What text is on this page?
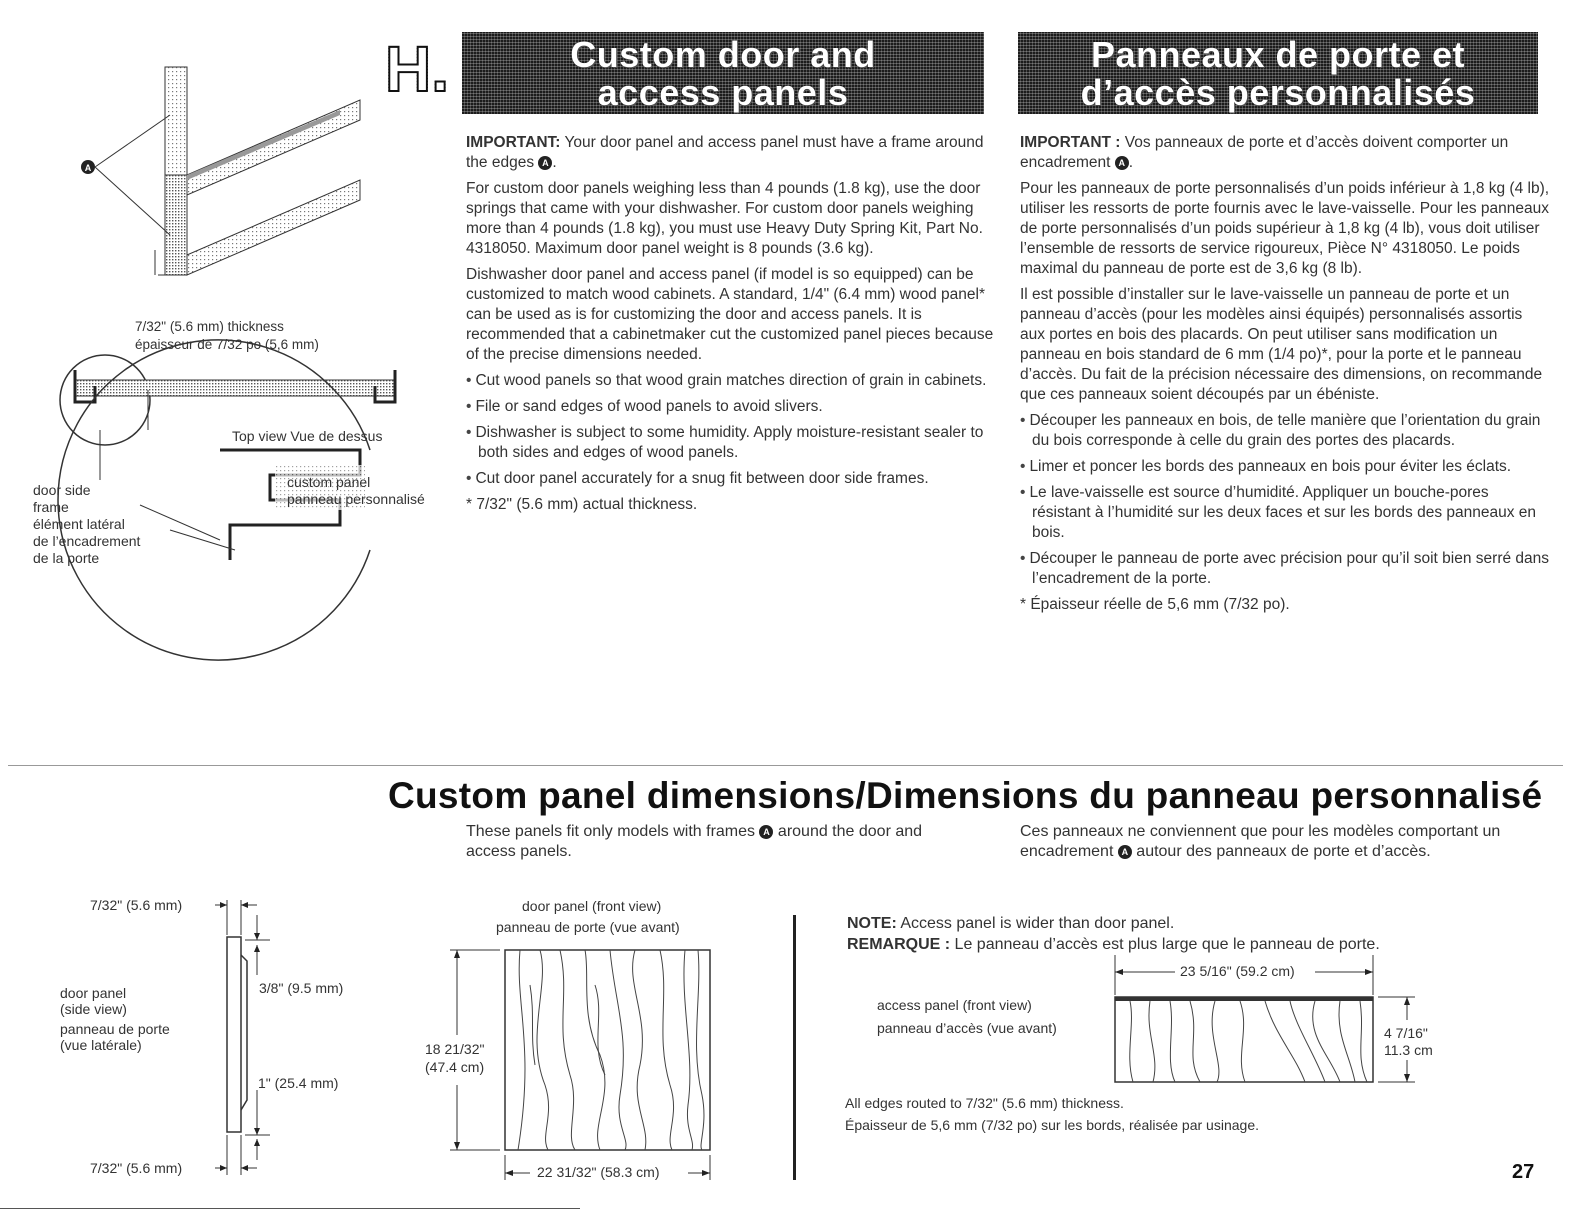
A
7/32" (5.6 mm) thickness
épaisseur de 7/32 po (5,6 mm)
Top view Vue de dessus
custom panel
panneau personnalisé
door side
frame
élément latéral
de l’encadrement
de la porte
H.	Custom door and
access panels
Panneaux de porte et
d’accès personnalisés

IMPORTANT: Your door panel and access panel must have a frame around the edges A .

For custom door panels weighing less than 4 pounds (1.8 kg), use the door springs that came with your dishwasher. For custom door panels weighing more than 4 pounds (1.8 kg), you must use Heavy Duty Spring Kit, Part No. 4318050. Maximum door panel weight is 8 pounds (3.6 kg).

Dishwasher door panel and access panel (if model is so equipped) can be customized to match wood cabinets. A standard, 1/4" (6.4 mm) wood panel* can be used as is for customizing the door and access panels. It is recommended that a cabinetmaker cut the customized panel pieces because of the precise dimensions needed.

• Cut wood panels so that wood grain matches direction of grain in cabinets.
• File or sand edges of wood panels to avoid slivers.
• Dishwasher is subject to some humidity. Apply moisture-resistant sealer to both sides and edges of wood panels.
• Cut door panel accurately for a snug fit between door side frames.

* 7/32" (5.6 mm) actual thickness.

IMPORTANT : Vos panneaux de porte et d’accès doivent comporter un encadrement A .

Pour les panneaux de porte personnalisés d’un poids inférieur à 1,8 kg (4 lb), utiliser les ressorts de porte fournis avec le lave-vaisselle. Pour les panneaux de porte personnalisés d’un poids supérieur à 1,8 kg (4 lb), vous doit utiliser l’ensemble de ressorts de service rigoureux, Pièce N° 4318050. Le poids maximal du panneau de porte est de 3,6 kg (8 lb).

Il est possible d’installer sur le lave-vaisselle un panneau de porte et un panneau d’accès (pour les modèles ainsi équipés) personnalisés assortis aux portes en bois des placards. On peut utiliser sans modification un panneau en bois standard de 6 mm (1/4 po)*, pour la porte et le panneau d’accès. Du fait de la précision nécessaire des dimensions, on recommande que ces panneaux soient découpés par un ébéniste.

• Découper les panneaux en bois, de telle manière que l’orientation du grain du bois corresponde à celle du grain des portes des placards.
• Limer et poncer les bords des panneaux en bois pour éviter les éclats.
• Le lave-vaisselle est source d’humidité. Appliquer un bouche-pores résistant à l’humidité sur les deux faces et sur les bords des panneaux en bois.
• Découper le panneau de porte avec précision pour qu’il soit bien serré dans l’encadrement de la porte.

* Épaisseur réelle de 5,6 mm (7/32 po).

Custom panel dimensions/Dimensions du panneau personnalisé
These panels fit only models with frames A around the door and access panels.
Ces panneaux ne conviennent que pour les modèles comportant un encadrement A autour des panneaux de porte et d’accès.
7/32" (5.6 mm)
7/32" (5.6 mm)
3/8" (9.5 mm)
1" (25.4 mm)
door panel
(side view)
panneau de porte
(vue latérale)
door panel (front view)
panneau de porte (vue avant)
18 21/32"
(47.4 cm)
22 31/32" (58.3 cm)
NOTE: Access panel is wider than door panel.
REMARQUE : Le panneau d’accès est plus large que le panneau de porte.
23 5/16" (59.2 cm)
access panel (front view)
panneau d’accès (vue avant)	4 7/16"
11.3 cm
All edges routed to 7/32" (5.6 mm) thickness.
Épaisseur de 5,6 mm (7/32 po) sur les bords, réalisée par usinage.
27
